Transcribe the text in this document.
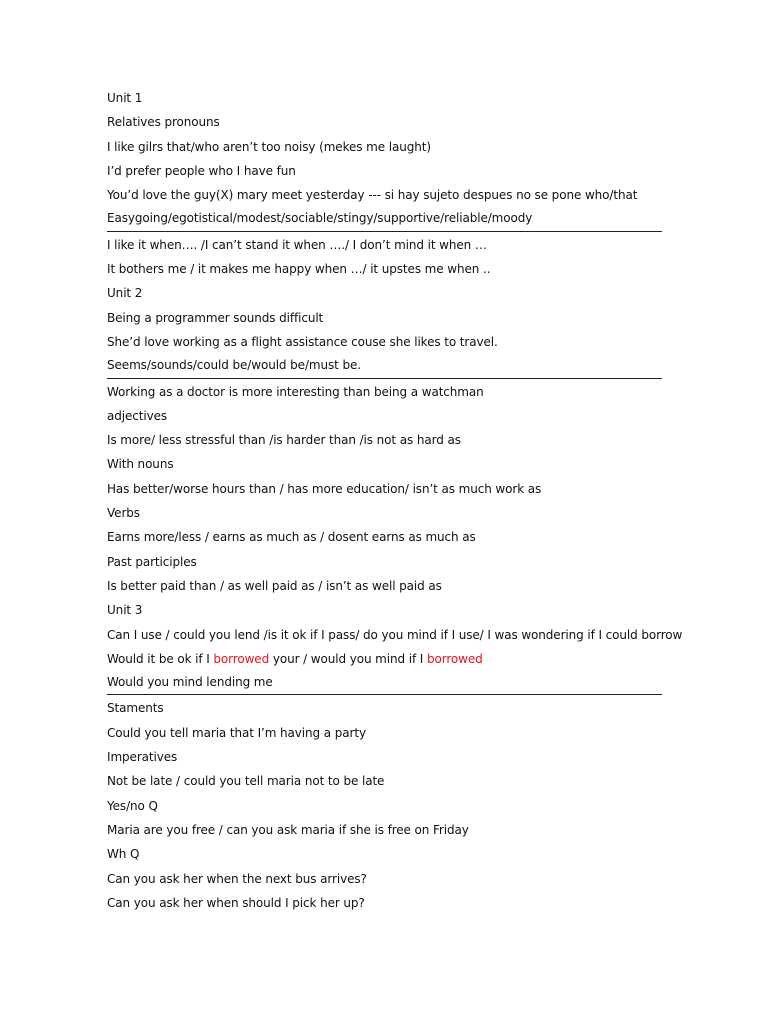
Unit 1
Relatives pronouns
I like gilrs that/who aren’t too noisy (mekes me laught)
I’d prefer people who I have fun
You’d love the guy(X) mary meet yesterday --- si hay sujeto despues no se pone who/that
Easygoing/egotistical/modest/sociable/stingy/supportive/reliable/moody
I like it when…. /I can’t stand it when …./ I don’t mind it when …
It bothers me / it makes me happy when …/ it upstes me when ..
Unit 2
Being a programmer sounds difficult
She’d love working as a flight assistance couse she likes to travel.
Seems/sounds/could be/would be/must be.
Working as a doctor is more interesting than being a watchman
adjectives
Is more/ less stressful than /is harder than /is not as hard as
With nouns
Has better/worse hours than / has more education/ isn’t as much work as
Verbs
Earns more/less / earns as much as / dosent earns as much as
Past participles
Is better paid than / as well paid as / isn’t as well paid as
Unit 3
Can I use / could you lend /is it ok if I pass/ do you mind if I use/ I was wondering if I could borrow
Would it be ok if I borrowed your / would you mind if I borrowed
Would you mind lending me
Staments
Could you tell maria that I’m having a party
Imperatives
Not be late / could you tell maria not to be late
Yes/no Q
Maria are you free / can you ask maria if she is free on Friday
Wh Q
Can you ask her when the next bus arrives?
Can you ask her when should I pick her up?
